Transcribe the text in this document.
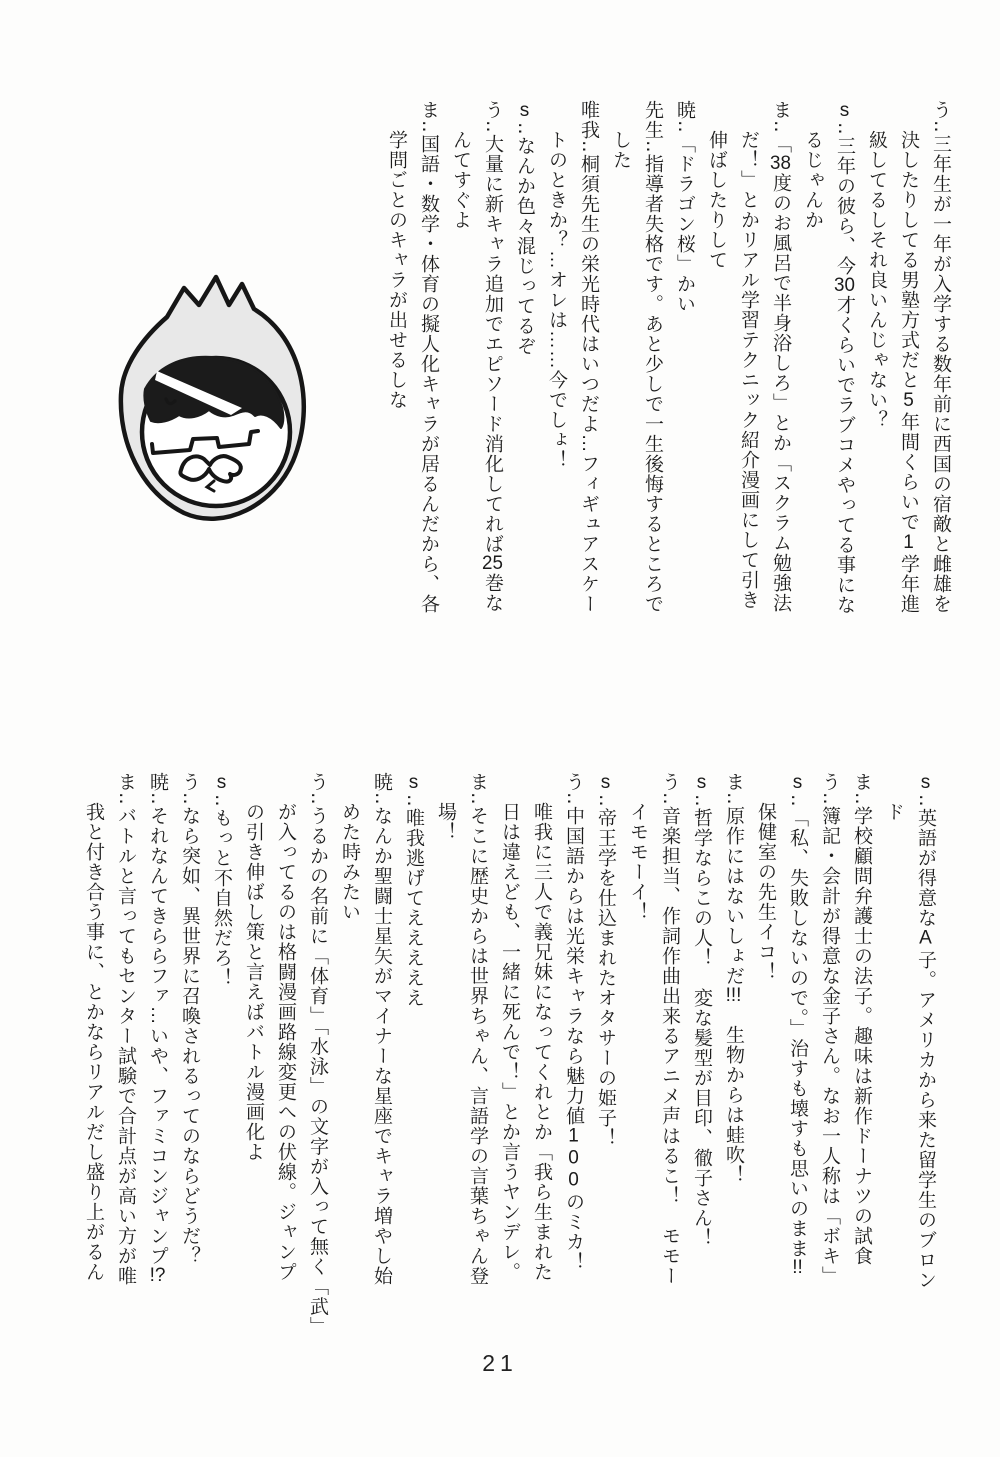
う‥三年生が一年が入学する数年前に西国の宿敵と雌雄を
決したりしてる男塾方式だと5年間くらいで1学年進
級してるしそれ良いんじゃない？
s‥三年の彼ら、今30才くらいでラブコメやってる事にな
るじゃんか
ま‥「38度のお風呂で半身浴しろ」とか「スクラム勉強法
だ！」とかリアル学習テクニック紹介漫画にして引き
伸ばしたりして
暁‥「ドラゴン桜」かい
先生‥指導者失格です。あと少しで一生後悔するところで
した
唯我‥桐須先生の栄光時代はいつだよ…フィギュアスケー
トのときか？…オレは……今でしょ！
s‥なんか色々混じってるぞ
う‥大量に新キャラ追加でエピソード消化してれば25巻な
んてすぐよ
ま‥国語・数学・体育の擬人化キャラが居るんだから、各
学問ごとのキャラが出せるしな
s‥英語が得意なA子。アメリカから来た留学生のブロン
ド
ま‥学校顧問弁護士の法子。趣味は新作ドーナツの試食
う‥簿記・会計が得意な金子さん。なお一人称は「ボキ」
s‥「私、失敗しないので。」治すも壊すも思いのまま!!
保健室の先生イコ！
ま‥原作にはないしょだ!!!　生物からは蛙吹！
s‥哲学ならこの人！　変な髪型が目印、徹子さん！
う‥音楽担当、作詞作曲出来るアニメ声はるこ！　モモー
イモモーイ！
s‥帝王学を仕込まれたオタサーの姫子！
う‥中国語からは光栄キャラなら魅力値100のミカ！
唯我に三人で義兄妹になってくれとか「我ら生まれた
日は違えども、一緒に死んで！」とか言うヤンデレ。
ま‥そこに歴史からは世界ちゃん、言語学の言葉ちゃん登
場！
s‥唯我逃げてえええええ
暁‥なんか聖闘士星矢がマイナーな星座でキャラ増やし始
めた時みたい
う‥うるかの名前に「体育」「水泳」の文字が入って無く「武」
が入ってるのは格闘漫画路線変更への伏線。ジャンプ
の引き伸ばし策と言えばバトル漫画化よ
s‥もっと不自然だろ！
う‥なら突如、異世界に召喚されるってのならどうだ？
暁‥それなんてきららファ…いや、ファミコンジャンプ!?
ま‥バトルと言ってもセンター試験で合計点が高い方が唯
我と付き合う事に、とかならリアルだし盛り上がるん
21
